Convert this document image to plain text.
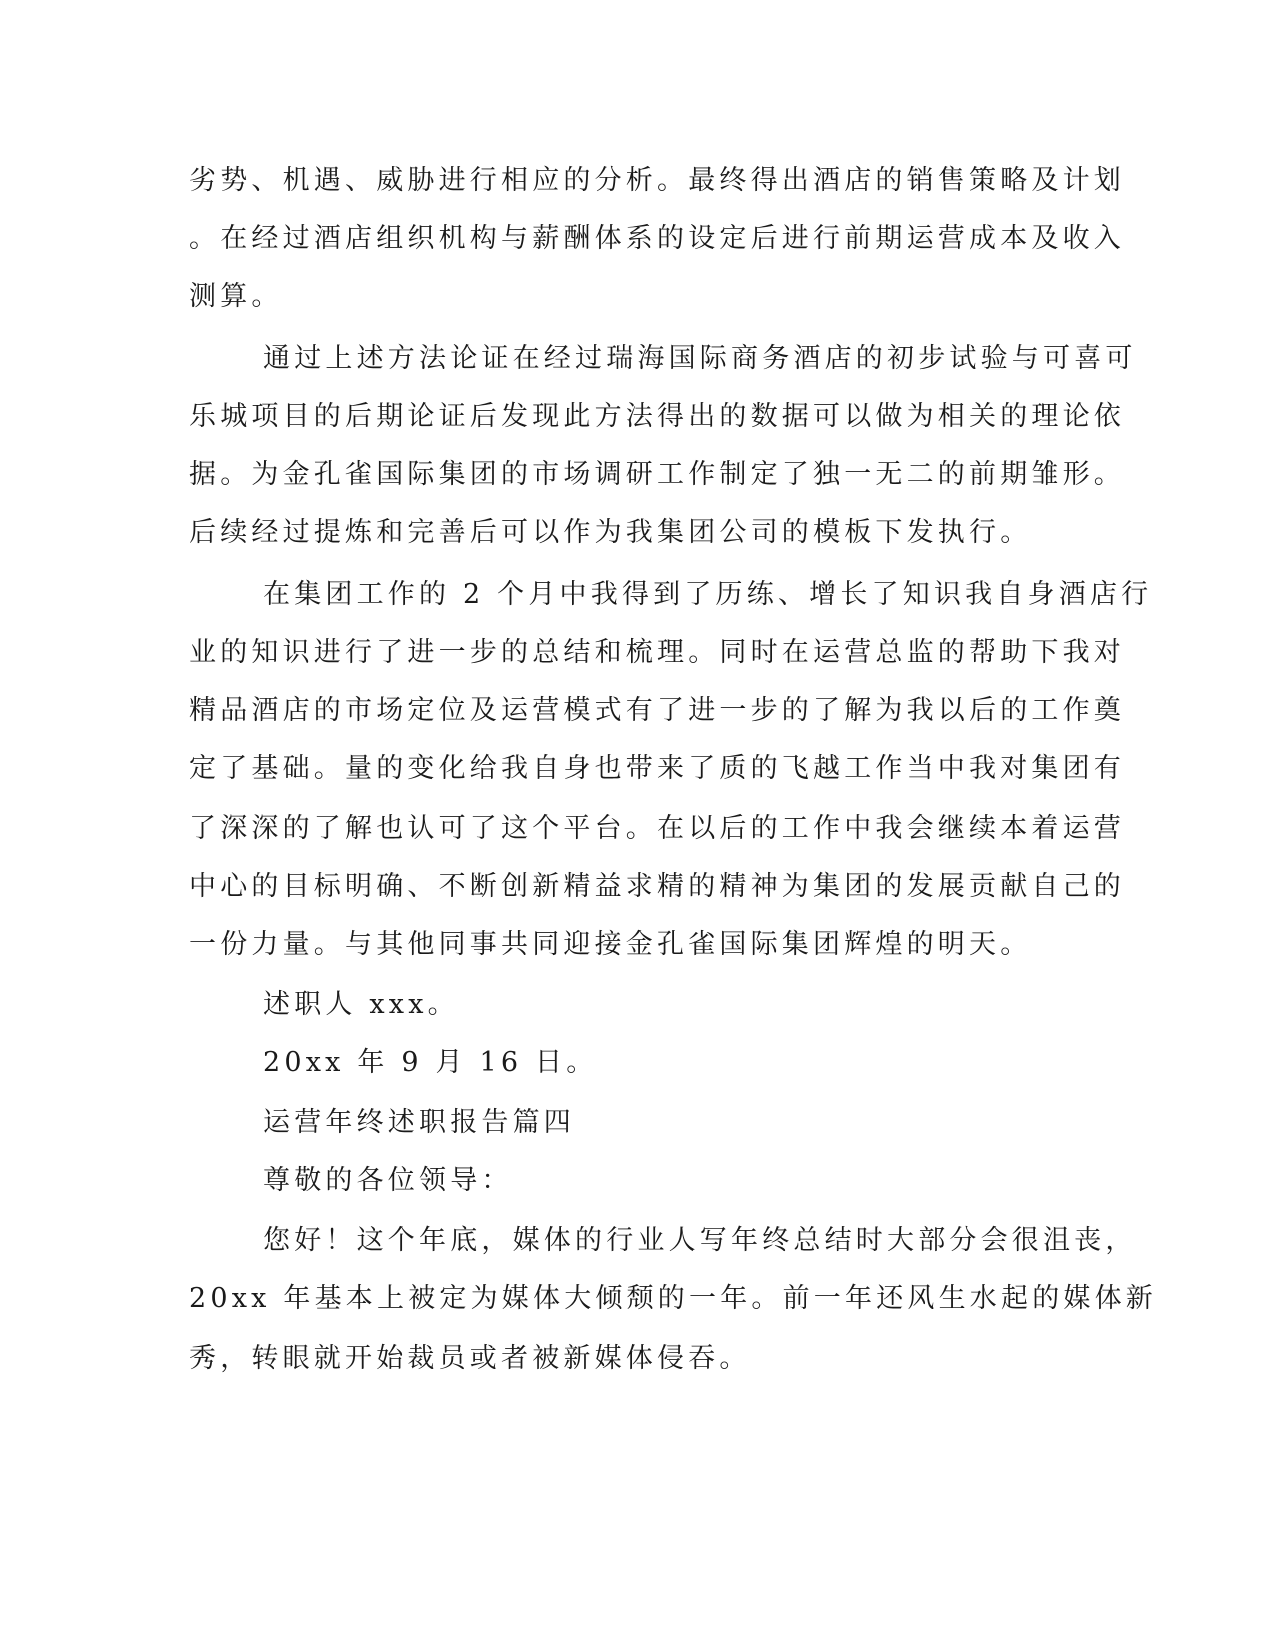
劣势、机遇、威胁进行相应的分析。最终得出酒店的销售策略及计划
。在经过酒店组织机构与薪酬体系的设定后进行前期运营成本及收入
测算。
通过上述方法论证在经过瑞海国际商务酒店的初步试验与可喜可
乐城项目的后期论证后发现此方法得出的数据可以做为相关的理论依
据。为金孔雀国际集团的市场调研工作制定了独一无二的前期雏形。
后续经过提炼和完善后可以作为我集团公司的模板下发执行。
在集团工作的 2 个月中我得到了历练、增长了知识我自身酒店行
业的知识进行了进一步的总结和梳理。同时在运营总监的帮助下我对
精品酒店的市场定位及运营模式有了进一步的了解为我以后的工作奠
定了基础。量的变化给我自身也带来了质的飞越工作当中我对集团有
了深深的了解也认可了这个平台。在以后的工作中我会继续本着运营
中心的目标明确、不断创新精益求精的精神为集团的发展贡献自己的
一份力量。与其他同事共同迎接金孔雀国际集团辉煌的明天。
述职人 xxx。
20xx 年 9 月 16 日。
运营年终述职报告篇四
尊敬的各位领导：
您好！这个年底，媒体的行业人写年终总结时大部分会很沮丧，
20xx 年基本上被定为媒体大倾颓的一年。前一年还风生水起的媒体新
秀，转眼就开始裁员或者被新媒体侵吞。
